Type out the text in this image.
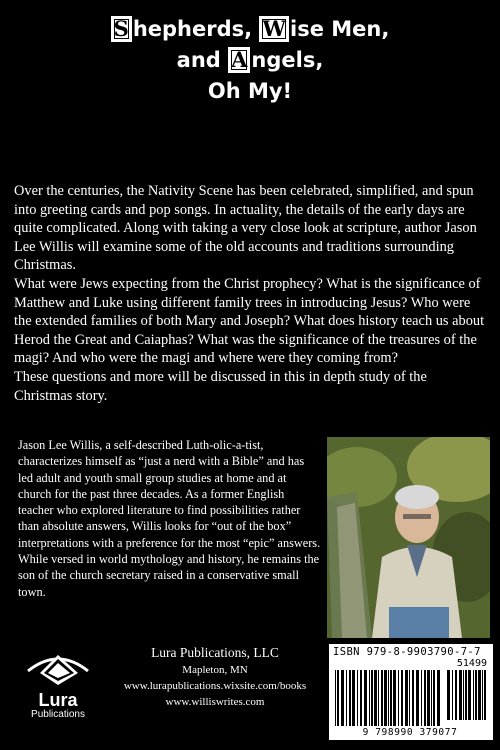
S hepherds, W ise Men,
and A ngels,
Oh My!

Over the centuries, the Nativity Scene has been celebrated, simplified, and spun into greeting cards and pop songs. In actuality, the details of the early days are quite complicated. Along with taking a very close look at scripture, author Jason Lee Willis will examine some of the old accounts and traditions surrounding Christmas.

What were Jews expecting from the Christ prophecy? What is the significance of Matthew and Luke using different family trees in introducing Jesus? Who were the extended families of both Mary and Joseph? What does history teach us about Herod the Great and Caiaphas? What was the significance of the treasures of the magi? And who were the magi and where were they coming from?

These questions and more will be discussed in this in depth study of the Christmas story.

Jason Lee Willis, a self-described Luth-olic-a-tist, characterizes himself as “just a nerd with a Bible” and has led adult and youth small group studies at home and at church for the past three decades. As a former English teacher who explored literature to find possibilities rather than absolute answers, Willis looks for “out of the box” interpretations with a preference for the most “epic” answers. While versed in world mythology and history, he remains the son of the church secretary raised in a conservative small town.
Lura
Publications
Lura Publications, LLC
Mapleton, MN
www.lurapublications.wixsite.com/books
www.williswrites.com
ISBN 979-8-9903790-7-7
51499
9 798990 379077
